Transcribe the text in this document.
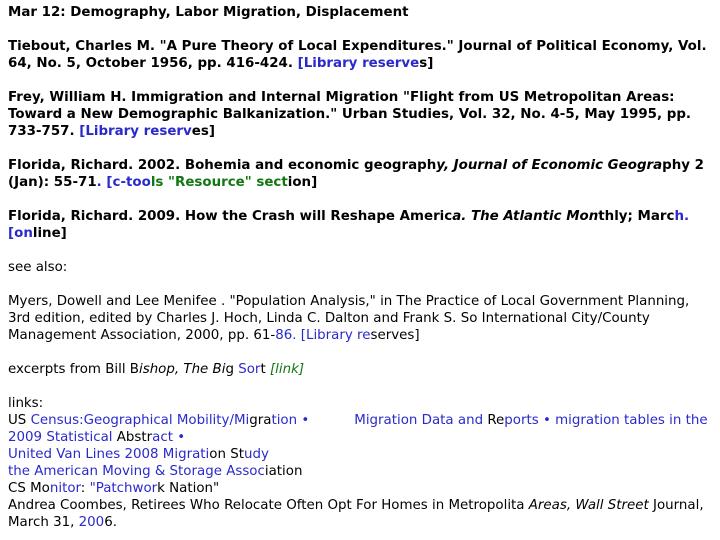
Mar 12: Demography, Labor Migration, Displacement

Tiebout, Charles M. "A Pure Theory of Local Expenditures." Journal of Political Economy, Vol. 64, No. 5, October 1956, pp. 416-424. [Library reserves]

Frey, William H. Immigration and Internal Migration "Flight from US Metropolitan Areas: Toward a New Demographic Balkanization." Urban Studies, Vol. 32, No. 4-5, May 1995, pp. 733-757. [Library reserves]

Florida, Richard. 2002. Bohemia and economic geography, Journal of Economic Geography 2 (Jan): 55-71. [c-tools "Resource" section]

Florida, Richard. 2009. How the Crash will Reshape America. The Atlantic Monthly; March. [online]

see also:

Myers, Dowell and Lee Menifee . "Population Analysis," in The Practice of Local Government Planning, 3rd edition, edited by Charles J. Hoch, Linda C. Dalton and Frank S. So International City/County Management Association, 2000, pp. 61-86. [Library reserves]

excerpts from Bill Bishop, The Big Sort [link]

links:

US Census:Geographical Mobility/Migration •	Migration Data and Reports • migration tables in the 2009 Statistical Abstract •

United Van Lines 2008 Migration Study

the American Moving & Storage Association

CS Monitor: "Patchwork Nation"

Andrea Coombes, Retirees Who Relocate Often Opt For Homes in Metropolita Areas, Wall Street Journal, March 31, 2006.
